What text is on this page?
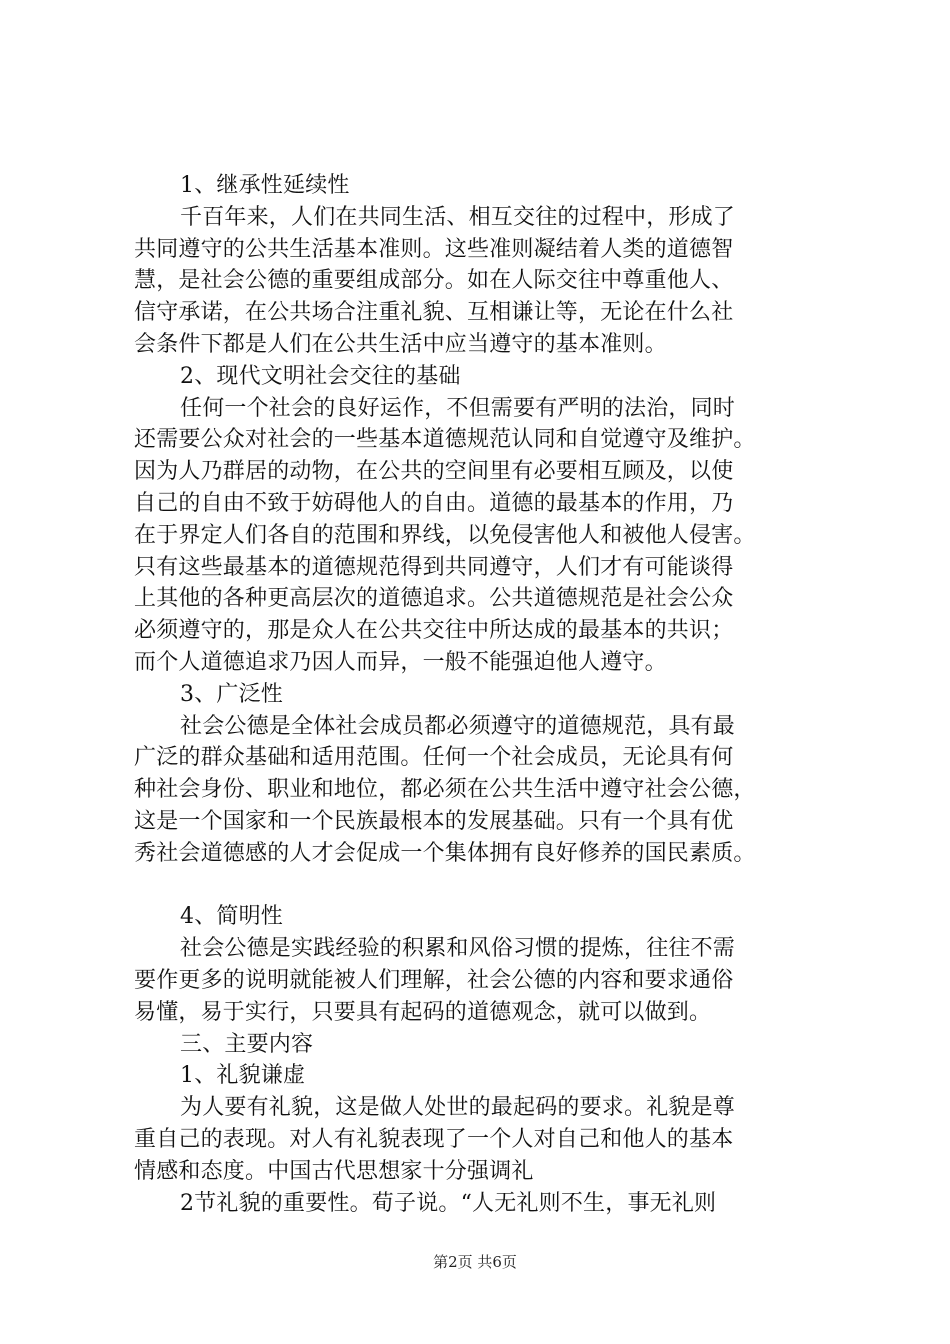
1、继承性延续性
千百年来，人们在共同生活、相互交往的过程中，形成了
共同遵守的公共生活基本准则。这些准则凝结着人类的道德智
慧，是社会公德的重要组成部分。如在人际交往中尊重他人、
信守承诺，在公共场合注重礼貌、互相谦让等，无论在什么社
会条件下都是人们在公共生活中应当遵守的基本准则。
2、现代文明社会交往的基础
任何一个社会的良好运作，不但需要有严明的法治，同时
还需要公众对社会的一些基本道德规范认同和自觉遵守及维护。
因为人乃群居的动物，在公共的空间里有必要相互顾及，以使
自己的自由不致于妨碍他人的自由。道德的最基本的作用，乃
在于界定人们各自的范围和界线，以免侵害他人和被他人侵害。
只有这些最基本的道德规范得到共同遵守，人们才有可能谈得
上其他的各种更高层次的道德追求。公共道德规范是社会公众
必须遵守的，那是众人在公共交往中所达成的最基本的共识；
而个人道德追求乃因人而异，一般不能强迫他人遵守。
3、广泛性
社会公德是全体社会成员都必须遵守的道德规范，具有最
广泛的群众基础和适用范围。任何一个社会成员，无论具有何
种社会身份、职业和地位，都必须在公共生活中遵守社会公德，
这是一个国家和一个民族最根本的发展基础。只有一个具有优
秀社会道德感的人才会促成一个集体拥有良好修养的国民素质。
4、简明性
社会公德是实践经验的积累和风俗习惯的提炼，往往不需
要作更多的说明就能被人们理解，社会公德的内容和要求通俗
易懂，易于实行，只要具有起码的道德观念，就可以做到。
三、主要内容
1、礼貌谦虚
为人要有礼貌，这是做人处世的最起码的要求。礼貌是尊
重自己的表现。对人有礼貌表现了一个人对自己和他人的基本
情感和态度。中国古代思想家十分强调礼
2节礼貌的重要性。荀子说。“人无礼则不生，事无礼则
第2页 共6页
